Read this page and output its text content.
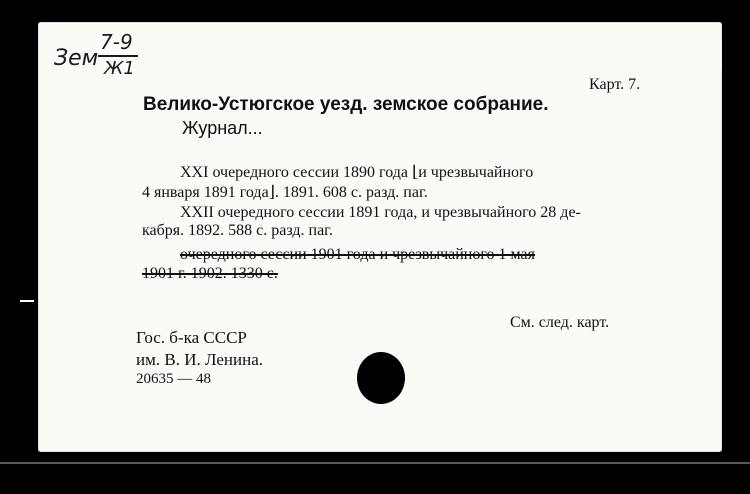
Зем
7-9
Ж1
Карт. 7.
Велико-Устюгское уезд. земское собрание.
Журнал...
XXI очередного сессии 1890 года ⌊и чрезвычайного
4 января 1891 года⌋. 1891. 608 с. разд. паг.
XXII очередного сессии 1891 года, и чрезвычайного 28 де-
кабря. 1892. 588 с. разд. паг.
очередного сессии 1901 года и чрезвычайного 1 мая
1901 г. 1902. 1330 с.
См. след. карт.
Гос. б-ка СССР
им. В. И. Ленина.
20635 — 48
